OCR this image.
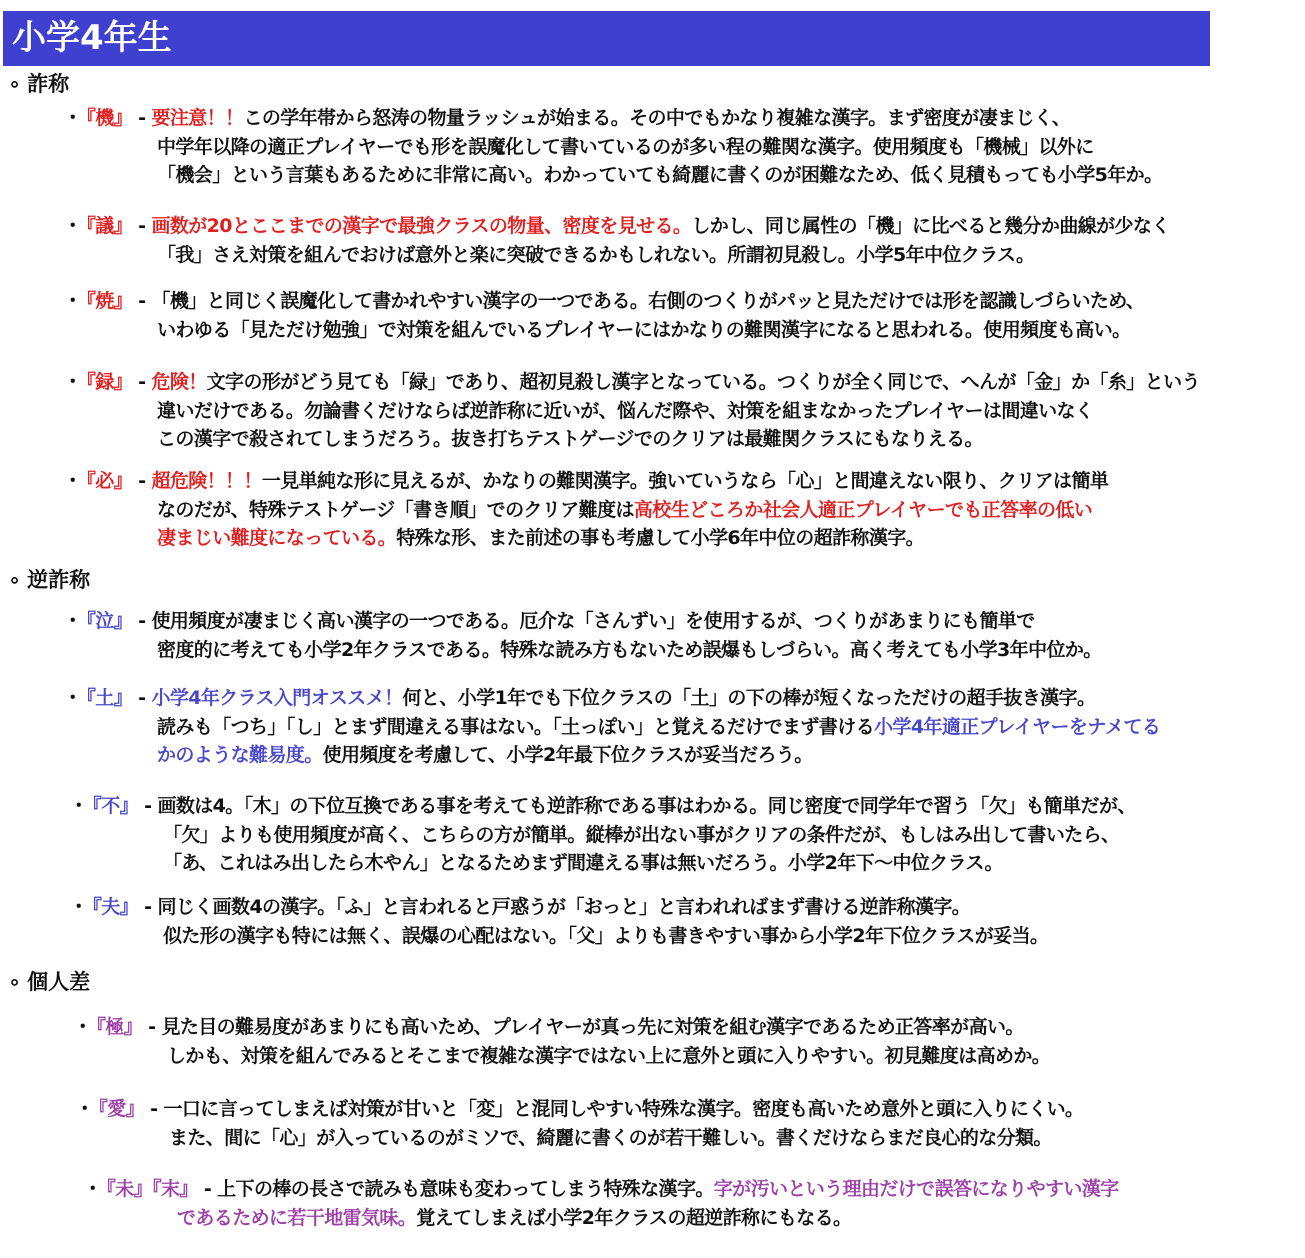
小学4年生
∘ 詐称
･『機』 - 要注意！！この学年帯から怒涛の物量ラッシュが始まる。その中でもかなり複雑な漢字。まず密度が凄まじく、
中学年以降の適正プレイヤーでも形を誤魔化して書いているのが多い程の難関な漢字。使用頻度も「機械」以外に
「機会」という言葉もあるために非常に高い。わかっていても綺麗に書くのが困難なため、低く見積もっても小学5年か。
･『議』 - 画数が20とここまでの漢字で最強クラスの物量、密度を見せる。しかし、同じ属性の「機」に比べると幾分か曲線が少なく
「我」さえ対策を組んでおけば意外と楽に突破できるかもしれない。所謂初見殺し。小学5年中位クラス。
･『焼』 - 「機」と同じく誤魔化して書かれやすい漢字の一つである。右側のつくりがパッと見ただけでは形を認識しづらいため、
いわゆる「見ただけ勉強」で対策を組んでいるプレイヤーにはかなりの難関漢字になると思われる。使用頻度も高い。
･『録』 - 危険！文字の形がどう見ても「緑」であり、超初見殺し漢字となっている。つくりが全く同じで、へんが「金」か「糸」という
違いだけである。勿論書くだけならば逆詐称に近いが、悩んだ際や、対策を組まなかったプレイヤーは間違いなく
この漢字で殺されてしまうだろう。抜き打ちテストゲージでのクリアは最難関クラスにもなりえる。
･『必』 - 超危険！！！一見単純な形に見えるが、かなりの難関漢字。強いていうなら「心」と間違えない限り、クリアは簡単
なのだが、特殊テストゲージ「書き順」でのクリア難度は高校生どころか社会人適正プレイヤーでも正答率の低い
凄まじい難度になっている。特殊な形、また前述の事も考慮して小学6年中位の超詐称漢字。
∘ 逆詐称
･『泣』 - 使用頻度が凄まじく高い漢字の一つである。厄介な「さんずい」を使用するが、つくりがあまりにも簡単で
密度的に考えても小学2年クラスである。特殊な読み方もないため誤爆もしづらい。高く考えても小学3年中位か。
･『土』 - 小学4年クラス入門オススメ！何と、小学1年でも下位クラスの「土」の下の棒が短くなっただけの超手抜き漢字。
読みも「つち」「し」とまず間違える事はない。「土っぽい」と覚えるだけでまず書ける小学4年適正プレイヤーをナメてる
かのような難易度。使用頻度を考慮して、小学2年最下位クラスが妥当だろう。
･『不』 - 画数は4。「木」の下位互換である事を考えても逆詐称である事はわかる。同じ密度で同学年で習う「欠」も簡単だが、
「欠」よりも使用頻度が高く、こちらの方が簡単。縦棒が出ない事がクリアの条件だが、もしはみ出して書いたら、
「あ、これはみ出したら木やん」となるためまず間違える事は無いだろう。小学2年下～中位クラス。
･『夫』 - 同じく画数4の漢字。「ふ」と言われると戸惑うが「おっと」と言われればまず書ける逆詐称漢字。
似た形の漢字も特には無く、誤爆の心配はない。「父」よりも書きやすい事から小学2年下位クラスが妥当。
∘ 個人差
･『極』 - 見た目の難易度があまりにも高いため、プレイヤーが真っ先に対策を組む漢字であるため正答率が高い。
しかも、対策を組んでみるとそこまで複雑な漢字ではない上に意外と頭に入りやすい。初見難度は高めか。
･『愛』 - 一口に言ってしまえば対策が甘いと「変」と混同しやすい特殊な漢字。密度も高いため意外と頭に入りにくい。
また、間に「心」が入っているのがミソで、綺麗に書くのが若干難しい。書くだけならまだ良心的な分類。
･『未』『末』 - 上下の棒の長さで読みも意味も変わってしまう特殊な漢字。字が汚いという理由だけで誤答になりやすい漢字
であるために若干地雷気味。覚えてしまえば小学2年クラスの超逆詐称にもなる。
